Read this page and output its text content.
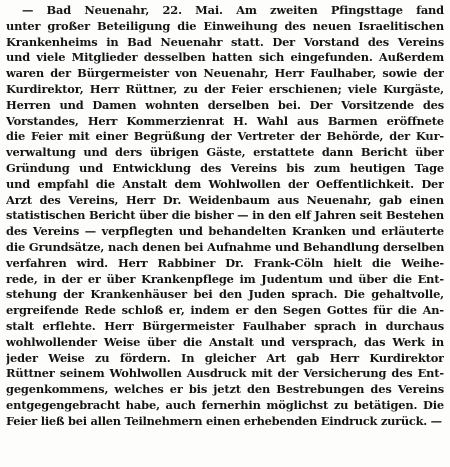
— Bad Neuenahr, 22. Mai. Am zweiten Pfingsttage fand
unter großer Beteiligung die Einweihung des neuen Israelitischen
Krankenheims in Bad Neuenahr statt. Der Vorstand des Vereins
und viele Mitglieder desselben hatten sich eingefunden. Außerdem
waren der Bürgermeister von Neuenahr, Herr Faulhaber, sowie der
Kurdirektor, Herr Rüttner, zu der Feier erschienen; viele Kurgäste,
Herren und Damen wohnten derselben bei. Der Vorsitzende des
Vorstandes, Herr Kommerzienrat H. Wahl aus Barmen eröffnete
die Feier mit einer Begrüßung der Vertreter der Behörde, der Kur-
verwaltung und ders übrigen Gäste, erstattete dann Bericht über
Gründung und Entwicklung des Vereins bis zum heutigen Tage
und empfahl die Anstalt dem Wohlwollen der Oeffentlichkeit. Der
Arzt des Vereins, Herr Dr. Weidenbaum aus Neuenahr, gab einen
statistischen Bericht über die bisher — in den elf Jahren seit Bestehen
des Vereins — verpflegten und behandelten Kranken und erläuterte
die Grundsätze, nach denen bei Aufnahme und Behandlung derselben
verfahren wird. Herr Rabbiner Dr. Frank-Cöln hielt die Weihe-
rede, in der er über Krankenpflege im Judentum und über die Ent-
stehung der Krankenhäuser bei den Juden sprach. Die gehaltvolle,
ergreifende Rede schloß er, indem er den Segen Gottes für die An-
stalt erflehte. Herr Bürgermeister Faulhaber sprach in durchaus
wohlwollender Weise über die Anstalt und versprach, das Werk in
jeder Weise zu fördern. In gleicher Art gab Herr Kurdirektor
Rüttner seinem Wohlwollen Ausdruck mit der Versicherung des Ent-
gegenkommens, welches er bis jetzt den Bestrebungen des Vereins
entgegengebracht habe, auch fernerhin möglichst zu betätigen. Die
Feier ließ bei allen Teilnehmern einen erhebenden Eindruck zurück. —
